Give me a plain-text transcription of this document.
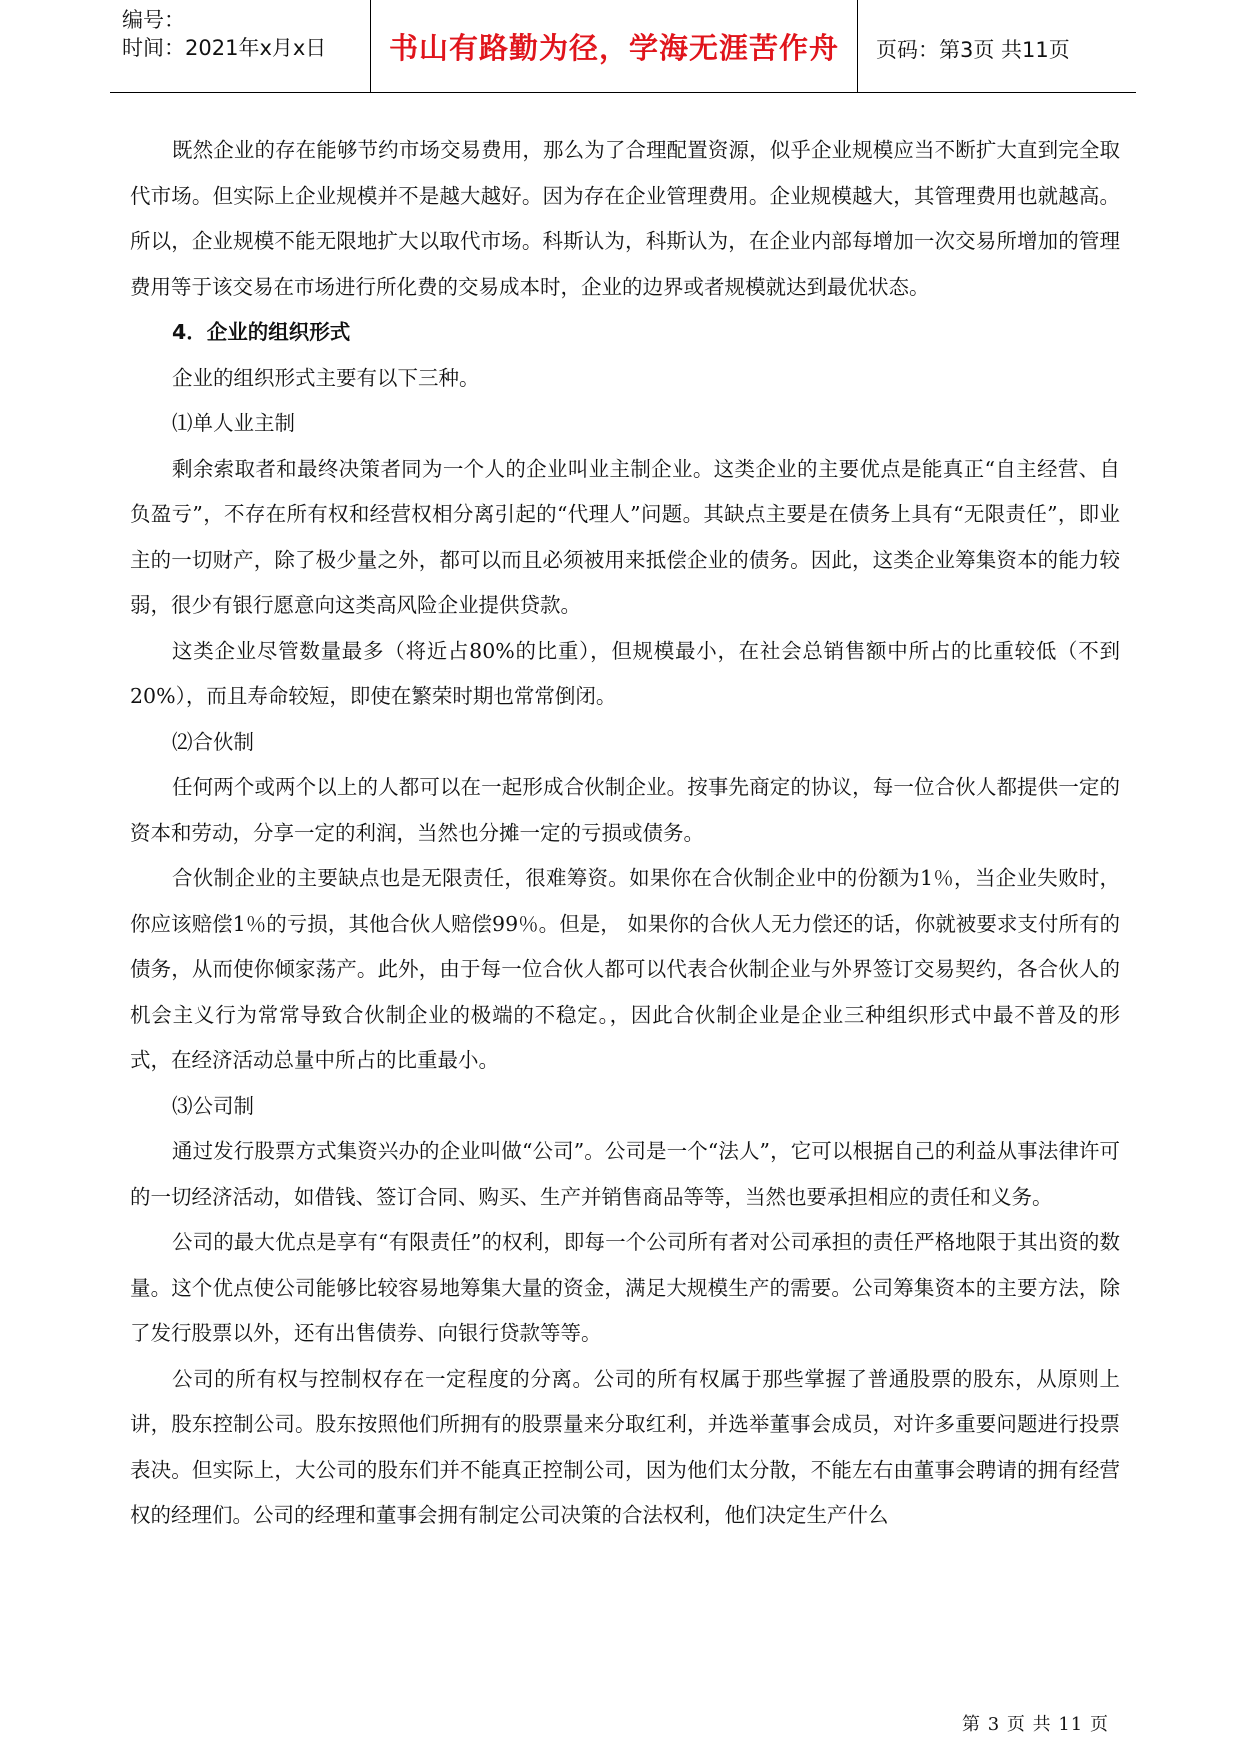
编号：
时间：2021年x月x日	书山有路勤为径，学海无涯苦作舟	页码：第3页 共11页

既然企业的存在能够节约市场交易费用，那么为了合理配置资源，似乎企业规模应当不断扩大直到完全取代市场。但实际上企业规模并不是越大越好。因为存在企业管理费用。企业规模越大，其管理费用也就越高。所以，企业规模不能无限地扩大以取代市场。科斯认为，科斯认为，在企业内部每增加一次交易所增加的管理费用等于该交易在市场进行所化费的交易成本时，企业的边界或者规模就达到最优状态。

4．企业的组织形式

企业的组织形式主要有以下三种。

⑴单人业主制

剩余索取者和最终决策者同为一个人的企业叫业主制企业。这类企业的主要优点是能真正“自主经营、自负盈亏”，不存在所有权和经营权相分离引起的“代理人”问题。其缺点主要是在债务上具有“无限责任”，即业主的一切财产，除了极少量之外，都可以而且必须被用来抵偿企业的债务。因此，这类企业筹集资本的能力较弱，很少有银行愿意向这类高风险企业提供贷款。

这类企业尽管数量最多（将近占80%的比重），但规模最小，在社会总销售额中所占的比重较低（不到20%），而且寿命较短，即使在繁荣时期也常常倒闭。

⑵合伙制

任何两个或两个以上的人都可以在一起形成合伙制企业。按事先商定的协议，每一位合伙人都提供一定的资本和劳动，分享一定的利润，当然也分摊一定的亏损或债务。

合伙制企业的主要缺点也是无限责任，很难筹资。如果你在合伙制企业中的份额为1％，当企业失败时，你应该赔偿1％的亏损，其他合伙人赔偿99％。但是， 如果你的合伙人无力偿还的话，你就被要求支付所有的债务，从而使你倾家荡产。此外，由于每一位合伙人都可以代表合伙制企业与外界签订交易契约，各合伙人的机会主义行为常常导致合伙制企业的极端的不稳定。，因此合伙制企业是企业三种组织形式中最不普及的形式，在经济活动总量中所占的比重最小。

⑶公司制

通过发行股票方式集资兴办的企业叫做“公司”。公司是一个“法人”，它可以根据自己的利益从事法律许可的一切经济活动，如借钱、签订合同、购买、生产并销售商品等等，当然也要承担相应的责任和义务。

公司的最大优点是享有“有限责任”的权利，即每一个公司所有者对公司承担的责任严格地限于其出资的数量。这个优点使公司能够比较容易地筹集大量的资金，满足大规模生产的需要。公司筹集资本的主要方法，除了发行股票以外，还有出售债券、向银行贷款等等。

公司的所有权与控制权存在一定程度的分离。公司的所有权属于那些掌握了普通股票的股东，从原则上讲，股东控制公司。股东按照他们所拥有的股票量来分取红利，并选举董事会成员，对许多重要问题进行投票表决。但实际上，大公司的股东们并不能真正控制公司，因为他们太分散，不能左右由董事会聘请的拥有经营权的经理们。公司的经理和董事会拥有制定公司决策的合法权利，他们决定生产什么

第 3 页 共 11 页
